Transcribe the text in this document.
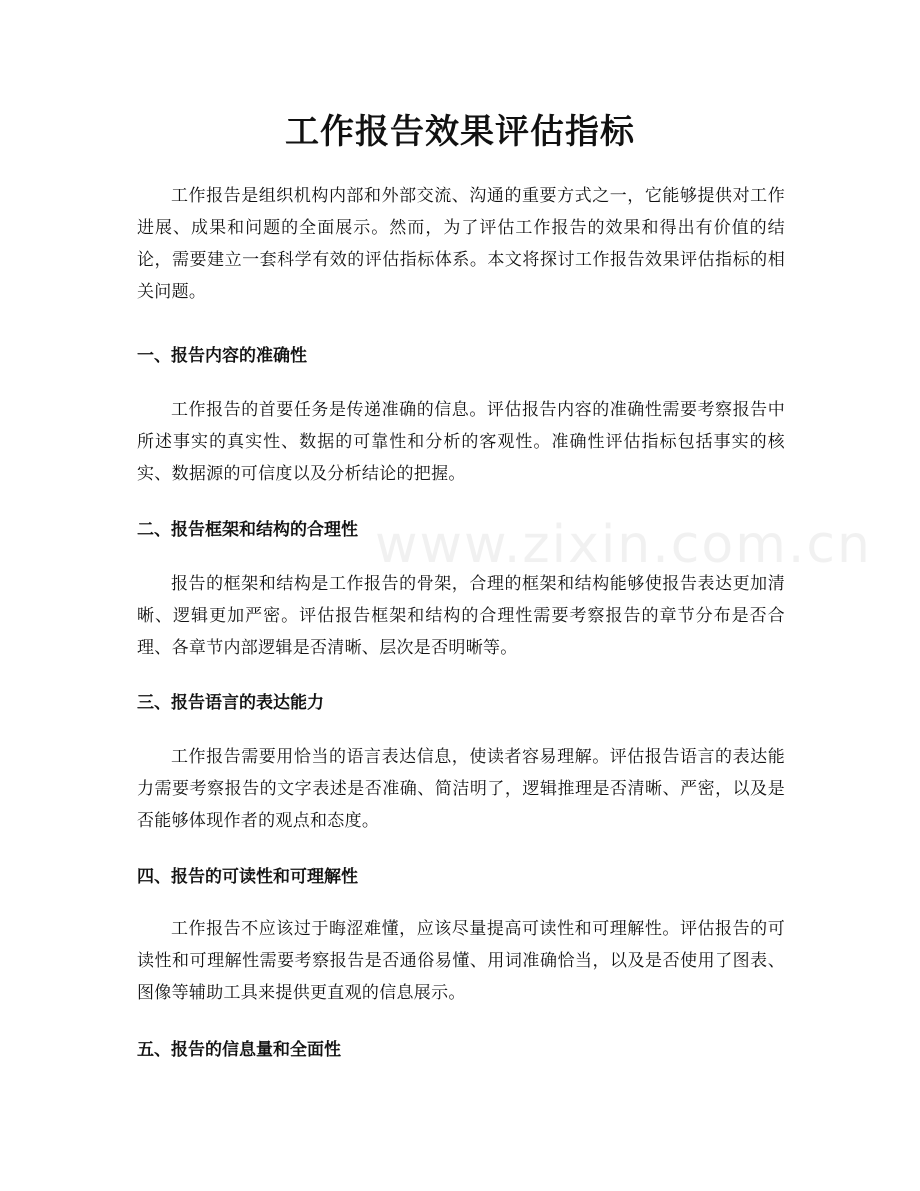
www.zixin.com.cn
工作报告效果评估指标

工作报告是组织机构内部和外部交流、沟通的重要方式之一，它能够提供对工作进展、成果和问题的全面展示。然而，为了评估工作报告的效果和得出有价值的结论，需要建立一套科学有效的评估指标体系。本文将探讨工作报告效果评估指标的相关问题。

一、报告内容的准确性

工作报告的首要任务是传递准确的信息。评估报告内容的准确性需要考察报告中所述事实的真实性、数据的可靠性和分析的客观性。准确性评估指标包括事实的核实、数据源的可信度以及分析结论的把握。

二、报告框架和结构的合理性

报告的框架和结构是工作报告的骨架，合理的框架和结构能够使报告表达更加清晰、逻辑更加严密。评估报告框架和结构的合理性需要考察报告的章节分布是否合理、各章节内部逻辑是否清晰、层次是否明晰等。

三、报告语言的表达能力

工作报告需要用恰当的语言表达信息，使读者容易理解。评估报告语言的表达能力需要考察报告的文字表述是否准确、简洁明了，逻辑推理是否清晰、严密，以及是否能够体现作者的观点和态度。

四、报告的可读性和可理解性

工作报告不应该过于晦涩难懂，应该尽量提高可读性和可理解性。评估报告的可读性和可理解性需要考察报告是否通俗易懂、用词准确恰当，以及是否使用了图表、图像等辅助工具来提供更直观的信息展示。

五、报告的信息量和全面性
